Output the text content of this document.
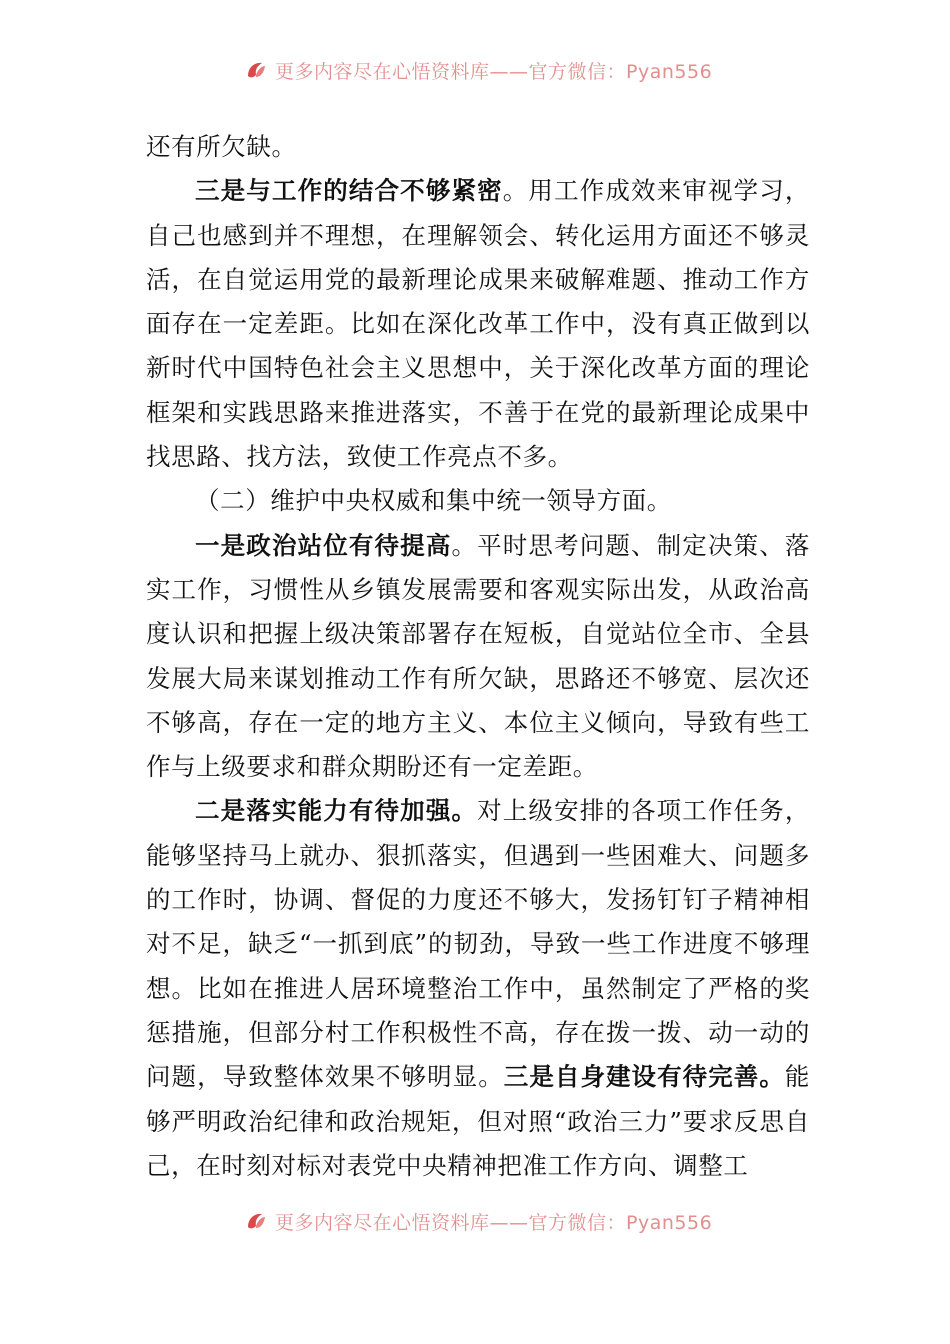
更多内容尽在心悟资料库——官方微信：Pyan556

还有所欠缺。

三是与工作的结合不够紧密。用工作成效来审视学习，自己也感到并不理想，在理解领会、转化运用方面还不够灵活，在自觉运用党的最新理论成果来破解难题、推动工作方面存在一定差距。比如在深化改革工作中，没有真正做到以新时代中国特色社会主义思想中，关于深化改革方面的理论框架和实践思路来推进落实，不善于在党的最新理论成果中找思路、找方法，致使工作亮点不多。

（二）维护中央权威和集中统一领导方面。

一是政治站位有待提高。平时思考问题、制定决策、落实工作，习惯性从乡镇发展需要和客观实际出发，从政治高度认识和把握上级决策部署存在短板，自觉站位全市、全县发展大局来谋划推动工作有所欠缺，思路还不够宽、层次还不够高，存在一定的地方主义、本位主义倾向，导致有些工作与上级要求和群众期盼还有一定差距。

二是落实能力有待加强。对上级安排的各项工作任务，能够坚持马上就办、狠抓落实，但遇到一些困难大、问题多的工作时，协调、督促的力度还不够大，发扬钉钉子精神相对不足，缺乏“一抓到底”的韧劲，导致一些工作进度不够理想。比如在推进人居环境整治工作中，虽然制定了严格的奖惩措施，但部分村工作积极性不高，存在拨一拨、动一动的问题，导致整体效果不够明显。三是自身建设有待完善。能够严明政治纪律和政治规矩，但对照“政治三力”要求反思自己，在时刻对标对表党中央精神把准工作方向、调整工

更多内容尽在心悟资料库——官方微信：Pyan556
